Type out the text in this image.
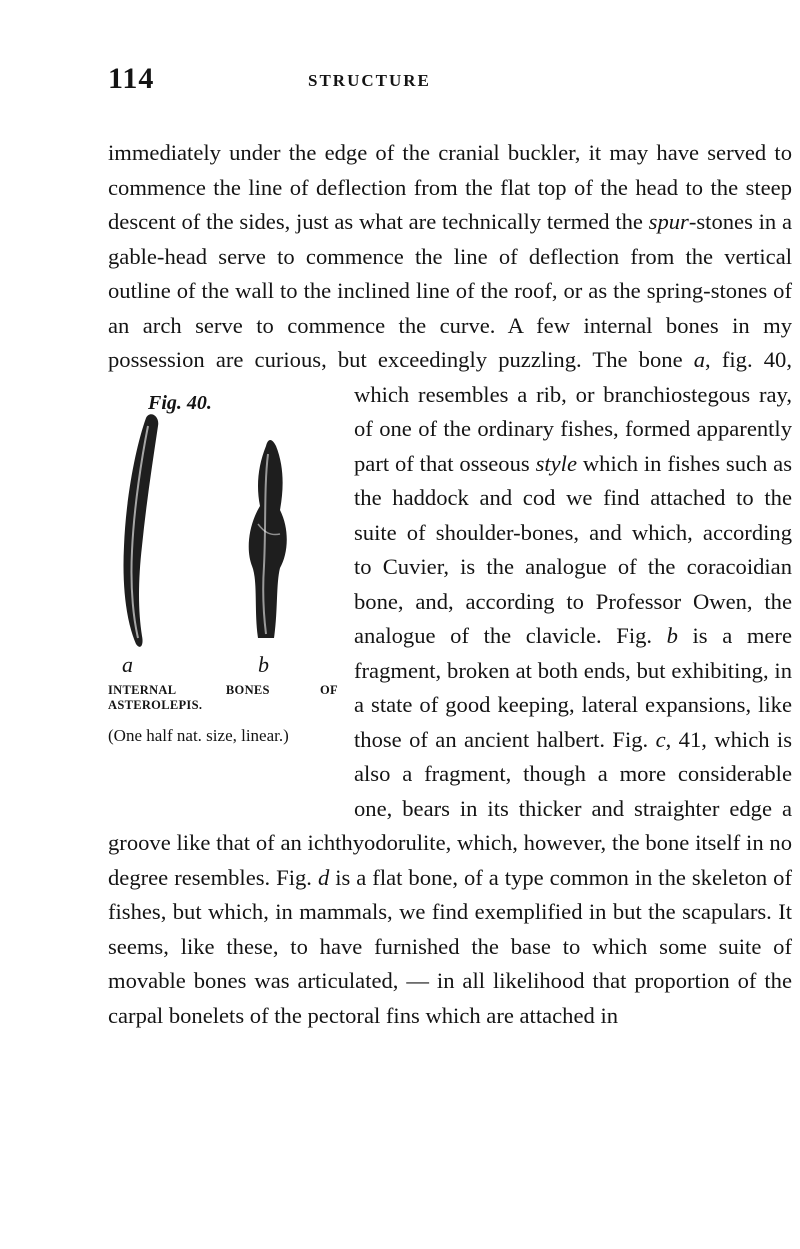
114	STRUCTURE

immediately under the edge of the cranial buckler, it may have served to commence the line of deflection from the flat top of the head to the steep descent of the sides, just as what are technically termed the spur-stones in a gable-head serve to commence the line of deflection from the vertical outline of the wall to the inclined line of the roof, or as the spring-stones of an arch serve to commence the curve. A few internal bones in my possession are curious, but exceedingly puzzling. The bone
Fig. 40.
a	b
INTERNAL BONES OF ASTEROLEPIS.
(One half nat. size, linear.)
a, fig. 40, which resembles a rib, or branchiostegous ray, of one of the ordinary fishes, formed apparently part of that osseous style which in fishes such as the haddock and cod we find attached to the suite of shoulder-bones, and which, according to Cuvier, is the analogue of the coracoidian bone, and, according to Professor Owen, the analogue of the clavicle. Fig. b is a mere fragment, broken at both ends, but exhibiting, in a state of good keeping, lateral expansions, like those of an ancient halbert. Fig. c, 41, which is also a fragment, though a more considerable one, bears in its thicker and straighter edge a groove like that of an ichthyodorulite, which, however, the bone itself in no degree resembles. Fig. d is a flat bone, of a type common in the skeleton of fishes, but which, in mammals, we find exemplified in but the scapulars. It seems, like these, to have furnished the base to which some suite of movable bones was articulated, — in all likelihood that proportion of the carpal bonelets of the pectoral fins which are attached in
